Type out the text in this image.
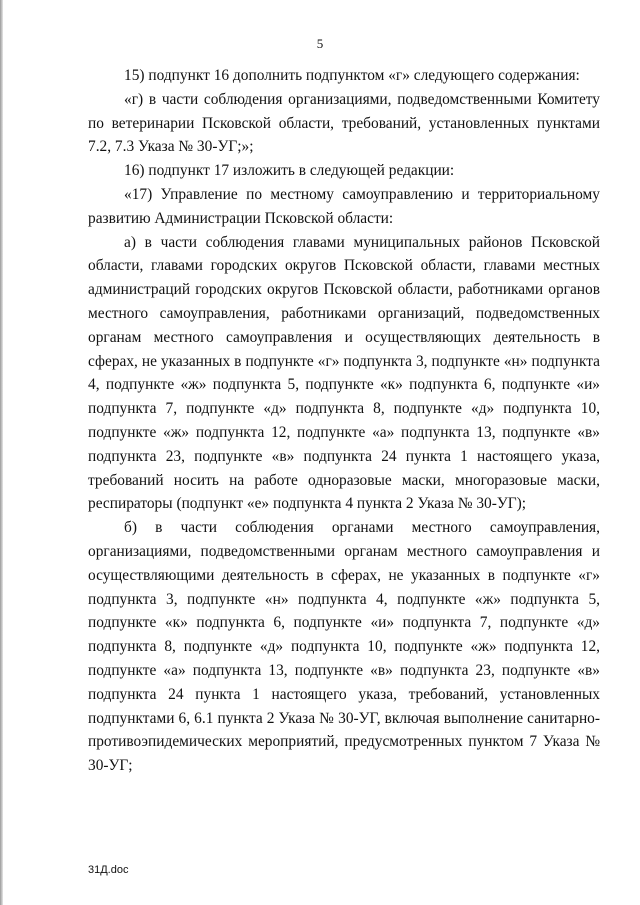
5

15) подпункт 16 дополнить подпунктом «г» следующего содержания:

«г) в части соблюдения организациями, подведомственными Комитету по ветеринарии Псковской области, требований, установленных пунктами 7.2, 7.3 Указа № 30-УГ;»;

16) подпункт 17 изложить в следующей редакции:

«17) Управление по местному самоуправлению и территориальному развитию Администрации Псковской области:

а) в части соблюдения главами муниципальных районов Псковской области, главами городских округов Псковской области, главами местных администраций городских округов Псковской области, работниками органов местного самоуправления, работниками организаций, подведомственных органам местного самоуправления и осуществляющих деятельность в сферах, не указанных в подпункте «г» подпункта 3, подпункте «н» подпункта 4, подпункте «ж» подпункта 5, подпункте «к» подпункта 6, подпункте «и» подпункта 7, подпункте «д» подпункта 8, подпункте «д» подпункта 10, подпункте «ж» подпункта 12, подпункте «а» подпункта 13, подпункте «в» подпункта 23, подпункте «в» подпункта 24 пункта 1 настоящего указа, требований носить на работе одноразовые маски, многоразовые маски, респираторы (подпункт «е» подпункта 4 пункта 2 Указа № 30-УГ);

б) в части соблюдения органами местного самоуправления, организациями, подведомственными органам местного самоуправления и осуществляющими деятельность в сферах, не указанных в подпункте «г» подпункта 3, подпункте «н» подпункта 4, подпункте «ж» подпункта 5, подпункте «к» подпункта 6, подпункте «и» подпункта 7, подпункте «д» подпункта 8, подпункте «д» подпункта 10, подпункте «ж» подпункта 12, подпункте «а» подпункта 13, подпункте «в» подпункта 23, подпункте «в» подпункта 24 пункта 1 настоящего указа, требований, установленных подпунктами 6, 6.1 пункта 2 Указа № 30-УГ, включая выполнение санитарно-противоэпидемических мероприятий, предусмотренных пунктом 7 Указа № 30-УГ;

31Д.doc
